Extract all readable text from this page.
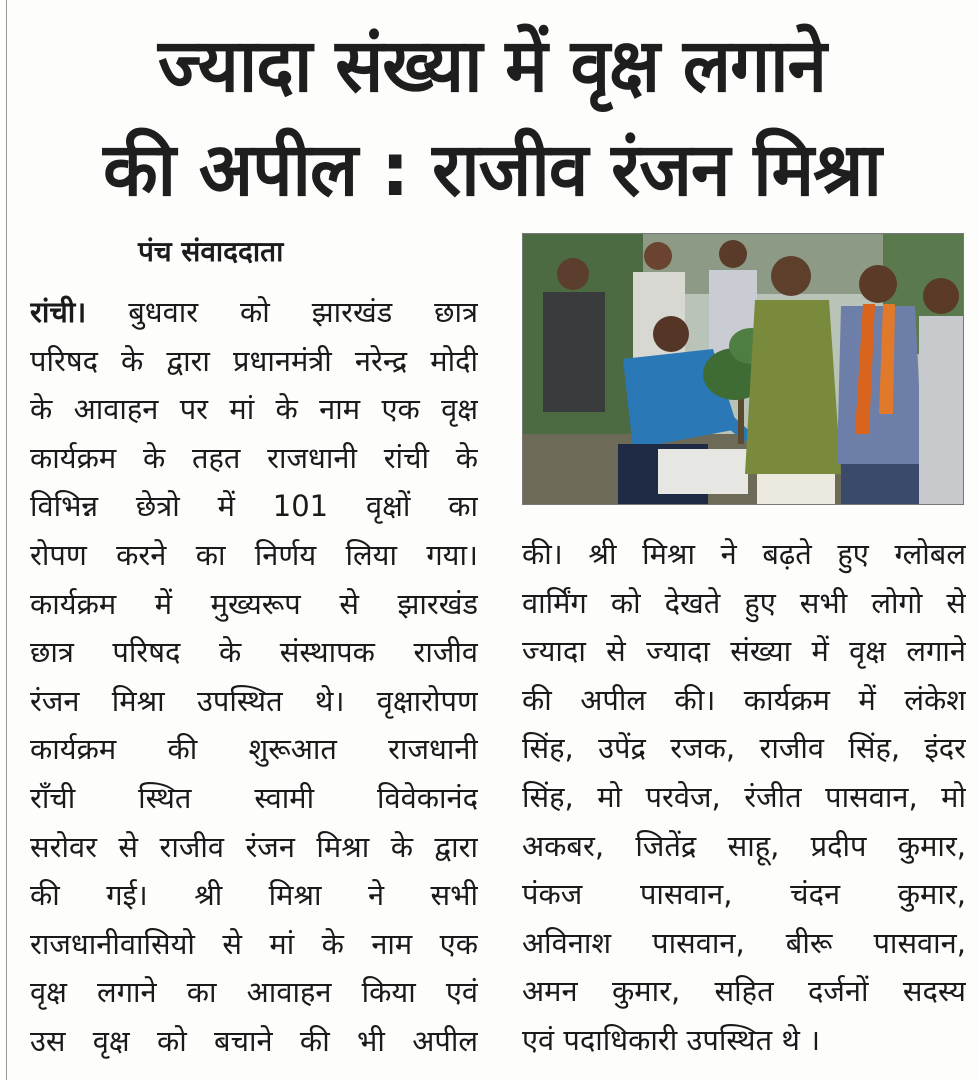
ज्यादा संख्या में वृक्ष लगाने
की अपील : राजीव रंजन मिश्रा
पंच संवाददाता
रांची। बुधवार को झारखंड छात्र
परिषद के द्वारा प्रधानमंत्री नरेन्द्र मोदी
के आवाहन पर मां के नाम एक वृक्ष
कार्यक्रम के तहत राजधानी रांची के
विभिन्न छेत्रो में 101 वृक्षों का
रोपण करने का निर्णय लिया गया।
कार्यक्रम में मुख्यरूप से झारखंड
छात्र परिषद के संस्थापक राजीव
रंजन मिश्रा उपस्थित थे। वृक्षारोपण
कार्यक्रम की शुरूआत राजधानी
राँची स्थित स्वामी विवेकानंद
सरोवर से राजीव रंजन मिश्रा के द्वारा
की गई। श्री मिश्रा ने सभी
राजधानीवासियो से मां के नाम एक
वृक्ष लगाने का आवाहन किया एवं
उस वृक्ष को बचाने की भी अपील
की। श्री मिश्रा ने बढ़ते हुए ग्लोबल
वार्मिंग को देखते हुए सभी लोगो से
ज्यादा से ज्यादा संख्या में वृक्ष लगाने
की अपील की। कार्यक्रम में लंकेश
सिंह, उपेंद्र रजक, राजीव सिंह, इंदर
सिंह, मो परवेज, रंजीत पासवान, मो
अकबर, जितेंद्र साहू, प्रदीप कुमार,
पंकज पासवान, चंदन कुमार,
अविनाश पासवान, बीरू पासवान,
अमन कुमार, सहित दर्जनों सदस्य
एवं पदाधिकारी उपस्थित थे ।
